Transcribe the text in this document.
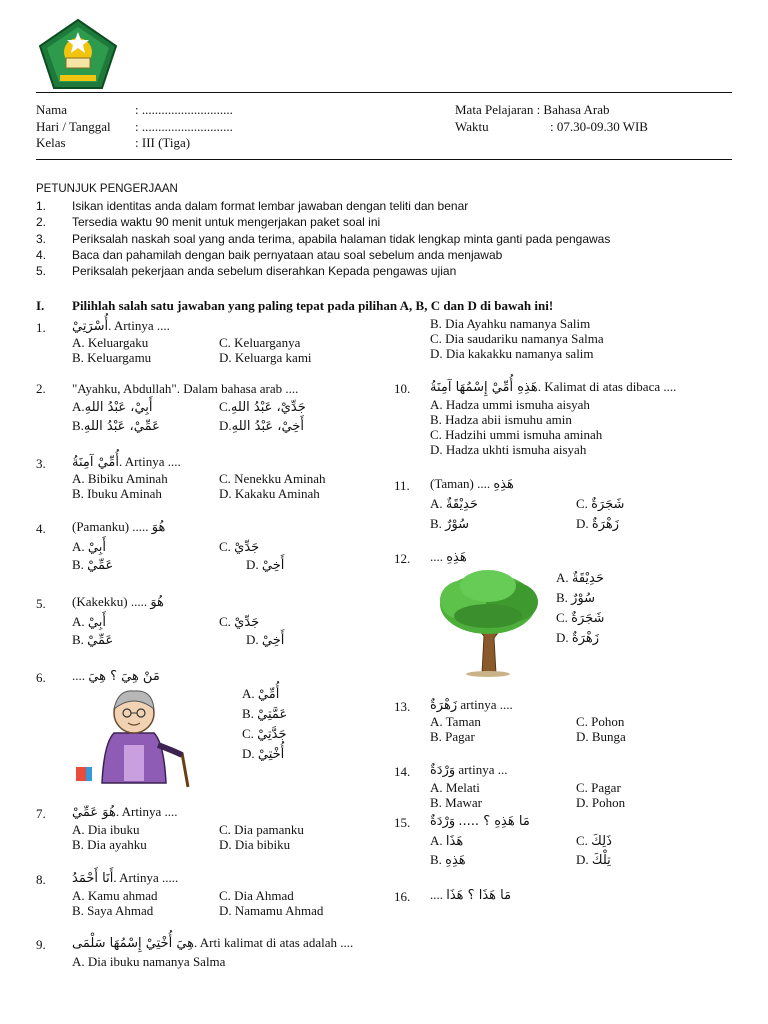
Nama	: ............................
Hari / Tanggal : ............................
Kelas	: III (Tiga)
Mata Pelajaran : Bahasa Arab
Waktu	: 07.30-09.30 WIB
PETUNJUK PENGERJAAN
1. Isikan identitas anda dalam format lembar jawaban dengan teliti dan benar
2. Tersedia waktu 90 menit untuk mengerjakan paket soal ini
3. Periksalah naskah soal yang anda terima, apabila halaman tidak lengkap minta ganti pada pengawas
4. Baca dan pahamilah dengan baik pernyataan atau soal sebelum anda menjawab
5. Periksalah pekerjaan anda sebelum diserahkan Kepada pengawas ujian
I. Pilihlah salah satu jawaban yang paling tepat pada pilihan A, B, C dan D di bawah ini!
1. أُسْرَتِيْ. Artinya ....
A. Keluargaku	C. Keluarganya
B. Keluargamu	D. Keluarga kami
2. "Ayahku, Abdullah". Dalam bahasa arab ....
A.أَبِيْ، عَبْدُ اللهِ	C.جَدِّيْ، عَبْدُ اللهِ
B.عَمِّيْ، عَبْدُ اللهِ	D.أَخِيْ، عَبْدُ اللهِ
3. أُمِّيْ آمِنَةُ. Artinya ....
A. Bibiku Aminah	C. Nenekku Aminah
B. Ibuku Aminah	D. Kakaku Aminah
4. (Pamanku) ..... هُوَ
A. أَبِيْ	C. جَدِّيْ
B. عَمِّيْ	D. أَخِيْ
5. (Kakekku) ..... هُوَ
A. أَبِيْ	C. جَدِّيْ
B. عَمِّيْ	D. أَخِيْ
6. .... مَنْ هِيَ ؟ هِيَ
A. أُمِّيْ
B. عَمَّتِيْ
C. جَدَّتِيْ
D. أُخْتِيْ
7. هُوَ عَمِّيْ. Artinya ....
A. Dia ibuku	C. Dia pamanku
B. Dia ayahku	D. Dia bibiku
8. أَنَا أَحْمَدُ. Artinya .....
A. Kamu ahmad	C. Dia Ahmad
B. Saya Ahmad	D. Namamu Ahmad
9. هِيَ أُخْتِيْ إِسْمُهَا سَلْمَى. Arti kalimat di atas adalah ....
A. Dia ibuku namanya Salma
B. Dia Ayahku namanya Salim
C. Dia saudariku namanya Salma
D. Dia kakakku namanya salim
10. هَذِهِ أُمِّيْ إِسْمُهَا آمِنَةُ. Kalimat di atas dibaca ....
A. Hadza ummi ismuha aisyah
B. Hadza abii ismuhu amin
C. Hadzihi ummi ismuha aminah
D. Hadza ukhti ismuha aisyah
11. (Taman) .... هَذِهِ
A. حَدِيْقَةٌ	C. شَجَرَةٌ
B. سُوْرٌ	D. زَهْرَةٌ
12. .... هَذِهِ
A. حَدِيْقَةٌ
B. سُوْرٌ
C. شَجَرَةٌ
D. زَهْرَةٌ
13. زَهْرَةٌ artinya ....
A. Taman	C. Pohon
B. Pagar	D. Bunga
14. وَرْدَةٌ artinya ...
A. Melati	C. Pagar
B. Mawar	D. Pohon
15. وَرْدَةٌ مَا هَذِهِ ؟ .....
A. هَذَا	C. ذَلِكَ
B. هَذِهِ	D. تِلْكَ
16. .... مَا هَذَا ؟ هَذَا
